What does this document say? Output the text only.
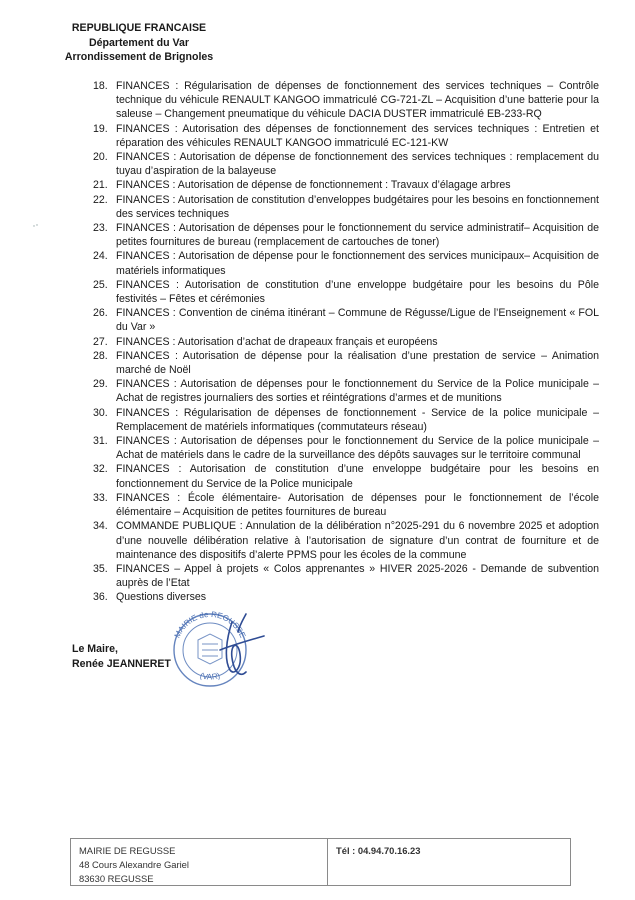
REPUBLIQUE FRANCAISE
Département du Var
Arrondissement de Brignoles
18. FINANCES : Régularisation de dépenses de fonctionnement des services techniques – Contrôle technique du véhicule RENAULT KANGOO immatriculé CG-721-ZL – Acquisition d’une batterie pour la saleuse – Changement pneumatique du véhicule DACIA DUSTER immatriculé EB-233-RQ
19. FINANCES : Autorisation des dépenses de fonctionnement des services techniques : Entretien et réparation des véhicules RENAULT KANGOO immatriculé EC-121-KW
20. FINANCES : Autorisation de dépense de fonctionnement des services techniques : remplacement du tuyau d’aspiration de la balayeuse
21. FINANCES : Autorisation de dépense de fonctionnement : Travaux d’élagage arbres
22. FINANCES : Autorisation de constitution d’enveloppes budgétaires pour les besoins en fonctionnement des services techniques
23. FINANCES : Autorisation de dépenses pour le fonctionnement du service administratif– Acquisition de petites fournitures de bureau (remplacement de cartouches de toner)
24. FINANCES : Autorisation de dépense pour le fonctionnement des services municipaux– Acquisition de matériels informatiques
25. FINANCES : Autorisation de constitution d’une enveloppe budgétaire pour les besoins du Pôle festivités – Fêtes et cérémonies
26. FINANCES : Convention de cinéma itinérant – Commune de Régusse/Ligue de l’Enseignement « FOL du Var »
27. FINANCES : Autorisation d’achat de drapeaux français et européens
28. FINANCES : Autorisation de dépense pour la réalisation d’une prestation de service – Animation marché de Noël
29. FINANCES : Autorisation de dépenses pour le fonctionnement du Service de la Police municipale – Achat de registres journaliers des sorties et réintégrations d’armes et de munitions
30. FINANCES : Régularisation de dépenses de fonctionnement - Service de la police municipale – Remplacement de matériels informatiques (commutateurs réseau)
31. FINANCES : Autorisation de dépenses pour le fonctionnement du Service de la police municipale – Achat de matériels dans le cadre de la surveillance des dépôts sauvages sur le territoire communal
32. FINANCES : Autorisation de constitution d’une enveloppe budgétaire pour les besoins en fonctionnement du Service de la Police municipale
33. FINANCES : École élémentaire- Autorisation de dépenses pour le fonctionnement de l’école élémentaire – Acquisition de petites fournitures de bureau
34. COMMANDE PUBLIQUE : Annulation de la délibération n°2025-291 du 6 novembre 2025 et adoption d’une nouvelle délibération relative à l’autorisation de signature d’un contrat de fourniture et de maintenance des dispositifs d’alerte PPMS pour les écoles de la commune
35. FINANCES – Appel à projets « Colos apprenantes » HIVER 2025-2026 - Demande de subvention auprès de l’Etat
36. Questions diverses
Le Maire,
Renée JEANNERET
MAIRIE de REGUSSE
(VAR)
MAIRIE DE REGUSSE
48 Cours Alexandre Gariel
83630 REGUSSE
Tél : 04.94.70.16.23
